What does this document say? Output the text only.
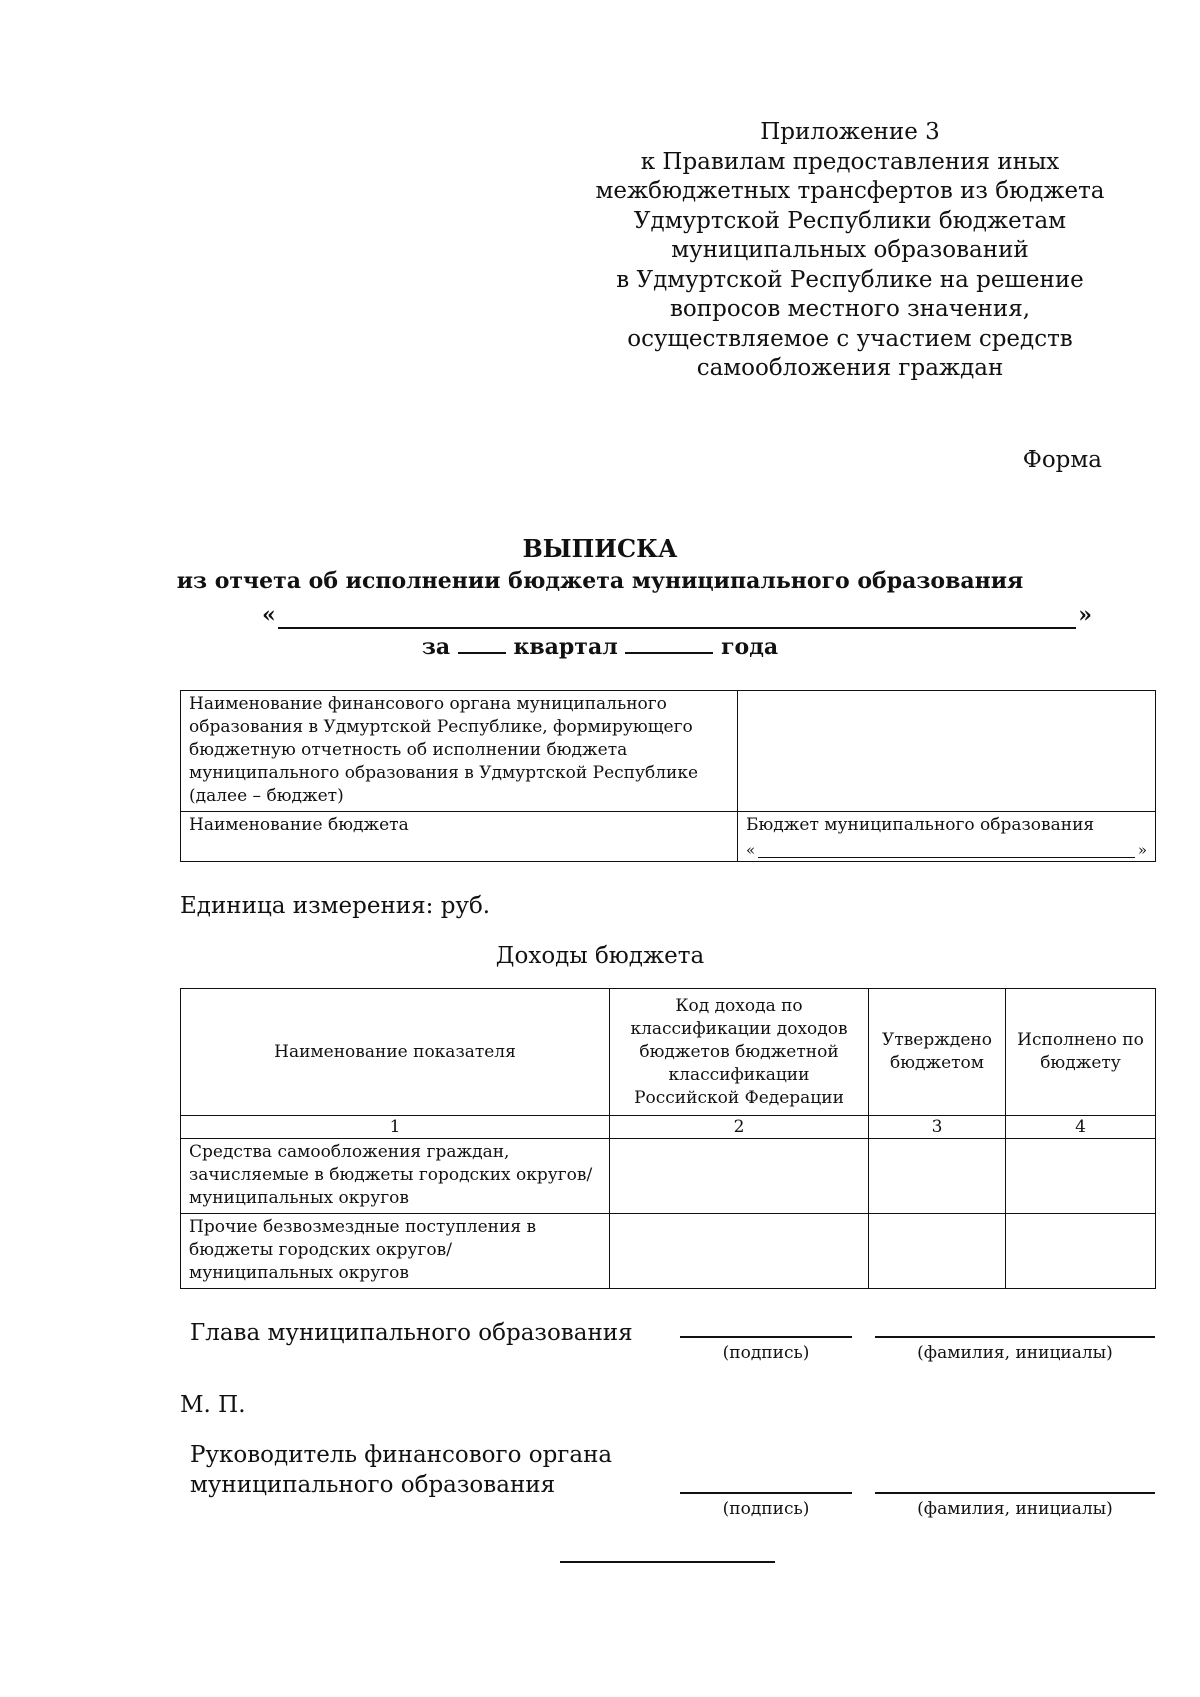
Приложение 3
к Правилам предоставления иных
межбюджетных трансфертов из бюджета
Удмуртской Республики бюджетам
муниципальных образований
в Удмуртской Республике на решение
вопросов местного значения,
осуществляемое с участием средств
самообложения граждан
Форма
ВЫПИСКА
из отчета об исполнении бюджета муниципального образования
«	»
за	квартал	года
Наименование финансового органа муниципального образования в Удмуртской Республике, формирующего бюджетную отчетность об исполнении бюджета муниципального образования в Удмуртской Республике (далее – бюджет)	
Наименование бюджета	Бюджет муниципального образования
« »
Единица измерения: руб.
Доходы бюджета
Наименование показателя	Код дохода по классификации доходов бюджетов бюджетной классификации Российской Федерации	Утверждено бюджетом	Исполнено по бюджету
1	2	3	4
Средства самообложения граждан, зачисляемые в бюджеты городских округов/муниципальных округов			
Прочие безвозмездные поступления в бюджеты городских округов/ муниципальных округов			
Глава муниципального образования
(подпись)	(фамилия, инициалы)
М. П.
Руководитель финансового органа
муниципального образования
(подпись)	(фамилия, инициалы)
